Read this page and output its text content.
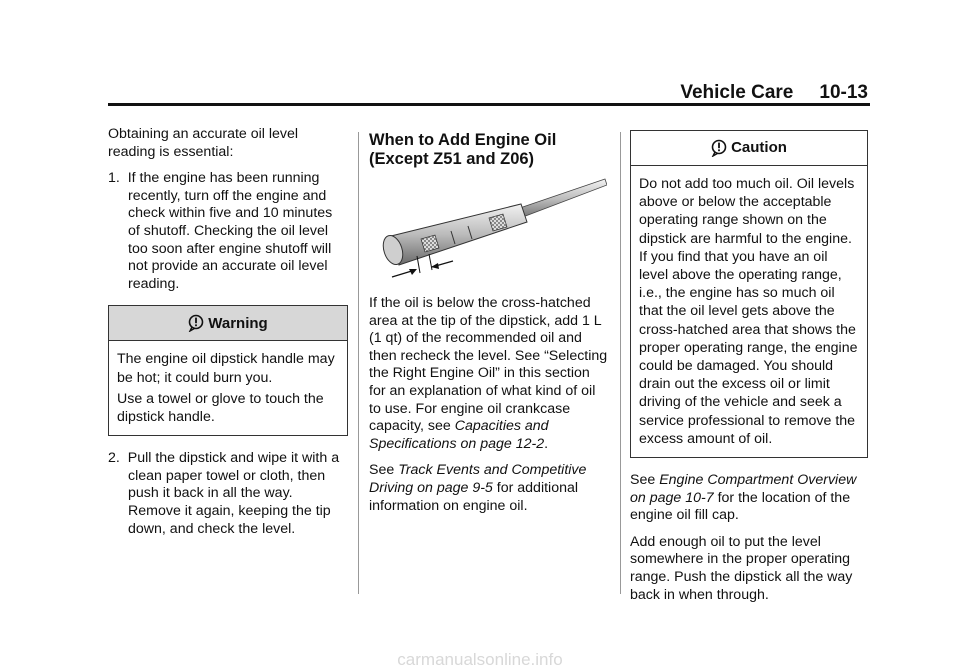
Vehicle Care 10-13

Obtaining an accurate oil level reading is essential:

1. If the engine has been running recently, turn off the engine and check within five and 10 minutes of shutoff. Checking the oil level too soon after engine shutoff will not provide an accurate oil level reading.
Warning

The engine oil dipstick handle may be hot; it could burn you.

Use a towel or glove to touch the dipstick handle.

2. Pull the dipstick and wipe it with a clean paper towel or cloth, then push it back in all the way. Remove it again, keeping the tip down, and check the level.
When to Add Engine Oil
(Except Z51 and Z06)

If the oil is below the cross-hatched area at the tip of the dipstick, add 1 L (1 qt) of the recommended oil and then recheck the level. See “Selecting the Right Engine Oil” in this section for an explanation of what kind of oil to use. For engine oil crankcase capacity, see Capacities and Specifications on page 12-2.

See Track Events and Competitive Driving on page 9-5 for additional information on engine oil.

Caution

Do not add too much oil. Oil levels above or below the acceptable operating range shown on the dipstick are harmful to the engine. If you find that you have an oil level above the operating range, i.e., the engine has so much oil that the oil level gets above the cross-hatched area that shows the proper operating range, the engine could be damaged. You should drain out the excess oil or limit driving of the vehicle and seek a service professional to remove the excess amount of oil.

See Engine Compartment Overview on page 10-7 for the location of the engine oil fill cap.

Add enough oil to put the level somewhere in the proper operating range. Push the dipstick all the way back in when through.

carmanualsonline.info
